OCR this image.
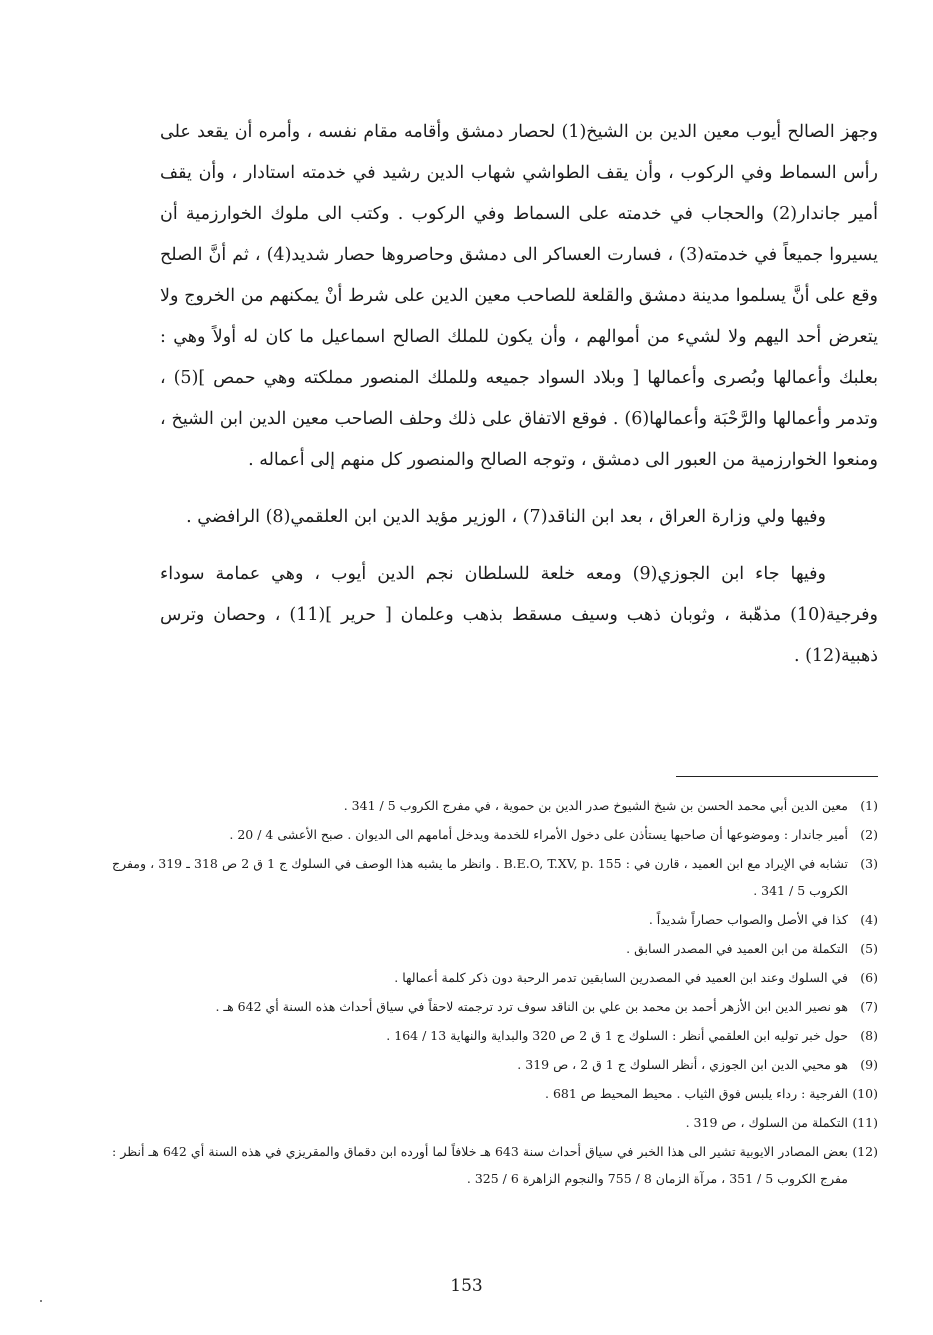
وجهز الصالح أيوب معين الدين بن الشيخ(1) لحصار دمشق وأقامه مقام نفسه ، وأمره أن يقعد على رأس السماط وفي الركوب ، وأن يقف الطواشي شهاب الدين رشيد في خدمته استادار ، وأن يقف أمير جاندار(2) والحجاب في خدمته على السماط وفي الركوب . وكتب الى ملوك الخوارزمية أن يسيروا جميعاً في خدمته(3) ، فسارت العساكر الى دمشق وحاصروها حصار شديد(4) ، ثم أنَّ الصلح وقع على أنَّ يسلموا مدينة دمشق والقلعة للصاحب معين الدين على شرط أنْ يمكنهم من الخروج ولا يتعرض أحد اليهم ولا لشيء من أموالهم ، وأن يكون للملك الصالح اسماعيل ما كان له أولاً وهي : بعلبك وأعمالها وبُصرى وأعمالها [ وبلاد السواد جميعه وللملك المنصور مملكته وهي حمص ](5) ، وتدمر وأعمالها والرَّحْبَة وأعمالها(6) . فوقع الاتفاق على ذلك وحلف الصاحب معين الدين ابن الشيخ ، ومنعوا الخوارزمية من العبور الى دمشق ، وتوجه الصالح والمنصور كل منهم إلى أعماله .

وفيها ولي وزارة العراق ، بعد ابن الناقد(7) ، الوزير مؤيد الدين ابن العلقمي(8) الرافضي .

وفيها جاء ابن الجوزي(9) ومعه خلعة للسلطان نجم الدين أيوب ، وهي عمامة سوداء وفرجية(10) مذهّبة ، وثوبان ذهب وسيف مسقط بذهب وعلمان [ حرير ](11) ، وحصان وترس ذهبية(12) .

(1)
معين الدين أبي محمد الحسن بن شيخ الشيوخ صدر الدين بن حموية ، في مفرج الكروب 5 / 341 .
(2)
أمير جاندار : وموضوعها أن صاحبها يستأذن على دخول الأمراء للخدمة ويدخل أمامهم الى الديوان . صبح الأعشى 4 / 20 .
(3)
تشابه في الإيراد مع ابن العميد ، قارن في : B.E.O, T.XV, p. 155 . وانظر ما يشبه هذا الوصف في السلوك ج 1 ق 2 ص 318 ـ 319 ، ومفرج الكروب 5 / 341 .
(4)
كذا في الأصل والصواب حصاراً شديداً .
(5)
التكملة من ابن العميد في المصدر السابق .
(6)
في السلوك وعند ابن العميد في المصدرين السابقين تدمر الرحبة دون ذكر كلمة أعمالها .
(7)
هو نصير الدين ابن الأزهر أحمد بن محمد بن علي بن الناقد سوف ترد ترجمته لاحقاً في سياق أحداث هذه السنة أي 642 هـ .
(8)
حول خبر توليه ابن العلقمي أنظر : السلوك ج 1 ق 2 ص 320 والبداية والنهاية 13 / 164 .
(9)
هو محيي الدين ابن الجوزي ، أنظر السلوك ج 1 ق 2 ، ص 319 .
(10)
الفرجية : رداء يلبس فوق الثياب . محيط المحيط ص 681 .
(11)
التكملة من السلوك ، ص 319 .
(12)
بعض المصادر الايوبية تشير الى هذا الخبر في سياق أحداث سنة 643 هـ خلافاً لما أورده ابن دقماق والمقريزي في هذه السنة أي 642 هـ أنظر : مفرج الكروب 5 / 351 ، مرآة الزمان 8 / 755 والنجوم الزاهرة 6 / 325 .
153
